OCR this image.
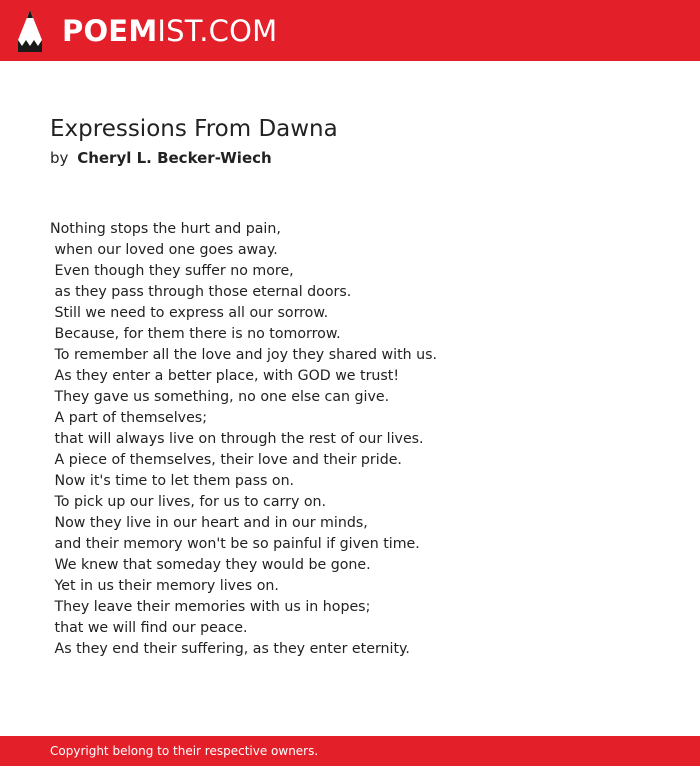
POEMIST.COM
Expressions From Dawna
by Cheryl L. Becker-Wiech
Nothing stops the hurt and pain,
when our loved one goes away.
Even though they suffer no more,
as they pass through those eternal doors.
Still we need to express all our sorrow.
Because, for them there is no tomorrow.
To remember all the love and joy they shared with us.
As they enter a better place, with GOD we trust!
They gave us something, no one else can give.
A part of themselves;
that will always live on through the rest of our lives.
A piece of themselves, their love and their pride.
Now it's time to let them pass on.
To pick up our lives, for us to carry on.
Now they live in our heart and in our minds,
and their memory won't be so painful if given time.
We knew that someday they would be gone.
Yet in us their memory lives on.
They leave their memories with us in hopes;
that we will find our peace.
As they end their suffering, as they enter eternity.
Copyright belong to their respective owners.
